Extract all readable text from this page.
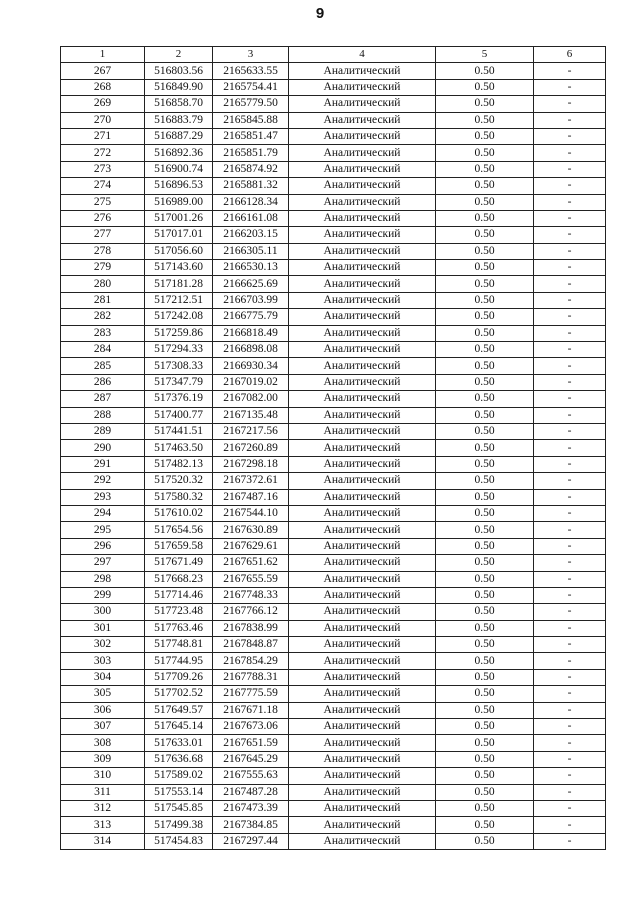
9
1	2	3	4	5	6
267	516803.56	2165633.55	Аналитический	0.50	-
268	516849.90	2165754.41	Аналитический	0.50	-
269	516858.70	2165779.50	Аналитический	0.50	-
270	516883.79	2165845.88	Аналитический	0.50	-
271	516887.29	2165851.47	Аналитический	0.50	-
272	516892.36	2165851.79	Аналитический	0.50	-
273	516900.74	2165874.92	Аналитический	0.50	-
274	516896.53	2165881.32	Аналитический	0.50	-
275	516989.00	2166128.34	Аналитический	0.50	-
276	517001.26	2166161.08	Аналитический	0.50	-
277	517017.01	2166203.15	Аналитический	0.50	-
278	517056.60	2166305.11	Аналитический	0.50	-
279	517143.60	2166530.13	Аналитический	0.50	-
280	517181.28	2166625.69	Аналитический	0.50	-
281	517212.51	2166703.99	Аналитический	0.50	-
282	517242.08	2166775.79	Аналитический	0.50	-
283	517259.86	2166818.49	Аналитический	0.50	-
284	517294.33	2166898.08	Аналитический	0.50	-
285	517308.33	2166930.34	Аналитический	0.50	-
286	517347.79	2167019.02	Аналитический	0.50	-
287	517376.19	2167082.00	Аналитический	0.50	-
288	517400.77	2167135.48	Аналитический	0.50	-
289	517441.51	2167217.56	Аналитический	0.50	-
290	517463.50	2167260.89	Аналитический	0.50	-
291	517482.13	2167298.18	Аналитический	0.50	-
292	517520.32	2167372.61	Аналитический	0.50	-
293	517580.32	2167487.16	Аналитический	0.50	-
294	517610.02	2167544.10	Аналитический	0.50	-
295	517654.56	2167630.89	Аналитический	0.50	-
296	517659.58	2167629.61	Аналитический	0.50	-
297	517671.49	2167651.62	Аналитический	0.50	-
298	517668.23	2167655.59	Аналитический	0.50	-
299	517714.46	2167748.33	Аналитический	0.50	-
300	517723.48	2167766.12	Аналитический	0.50	-
301	517763.46	2167838.99	Аналитический	0.50	-
302	517748.81	2167848.87	Аналитический	0.50	-
303	517744.95	2167854.29	Аналитический	0.50	-
304	517709.26	2167788.31	Аналитический	0.50	-
305	517702.52	2167775.59	Аналитический	0.50	-
306	517649.57	2167671.18	Аналитический	0.50	-
307	517645.14	2167673.06	Аналитический	0.50	-
308	517633.01	2167651.59	Аналитический	0.50	-
309	517636.68	2167645.29	Аналитический	0.50	-
310	517589.02	2167555.63	Аналитический	0.50	-
311	517553.14	2167487.28	Аналитический	0.50	-
312	517545.85	2167473.39	Аналитический	0.50	-
313	517499.38	2167384.85	Аналитический	0.50	-
314	517454.83	2167297.44	Аналитический	0.50	-
